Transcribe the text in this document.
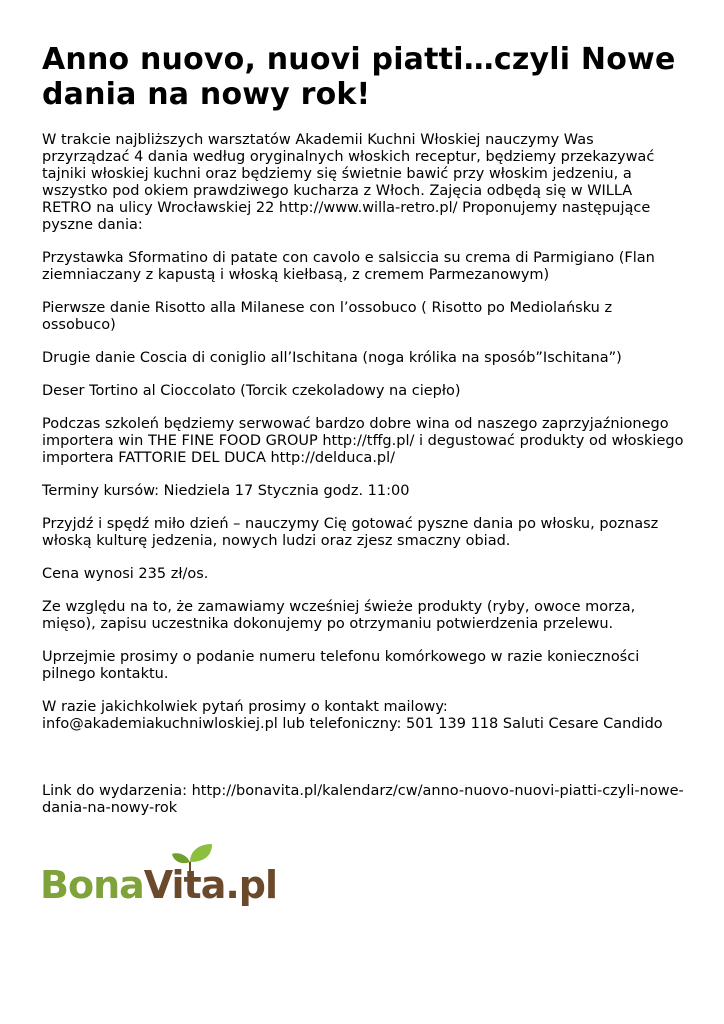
Anno nuovo, nuovi piatti…czyli Nowe dania na nowy rok!

W trakcie najbliższych warsztatów Akademii Kuchni Włoskiej nauczymy Was przyrządzać 4 dania według oryginalnych włoskich receptur, będziemy przekazywać tajniki włoskiej kuchni oraz będziemy się świetnie bawić przy włoskim jedzeniu, a wszystko pod okiem prawdziwego kucharza z Włoch. Zajęcia odbędą się w WILLA RETRO na ulicy Wrocławskiej 22 http://www.willa-retro.pl/ Proponujemy następujące pyszne dania:

Przystawka Sformatino di patate con cavolo e salsiccia su crema di Parmigiano (Flan ziemniaczany z kapustą i włoską kiełbasą, z cremem Parmezanowym)

Pierwsze danie Risotto alla Milanese con l’ossobuco ( Risotto po Mediolańsku z ossobuco)

Drugie danie Coscia di coniglio all’Ischitana (noga królika na sposób”Ischitana”)

Deser Tortino al Cioccolato (Torcik czekoladowy na ciepło)

Podczas szkoleń będziemy serwować bardzo dobre wina od naszego zaprzyjaźnionego importera win THE FINE FOOD GROUP http://tffg.pl/ i degustować produkty od włoskiego importera FATTORIE DEL DUCA http://delduca.pl/

Terminy kursów: Niedziela 17 Stycznia godz. 11:00

Przyjdź i spędź miło dzień – nauczymy Cię gotować pyszne dania po włosku, poznasz włoską kulturę jedzenia, nowych ludzi oraz zjesz smaczny obiad.

Cena wynosi 235 zł/os.

Ze względu na to, że zamawiamy wcześniej świeże produkty (ryby, owoce morza, mięso), zapisu uczestnika dokonujemy po otrzymaniu potwierdzenia przelewu.

Uprzejmie prosimy o podanie numeru telefonu komórkowego w razie konieczności pilnego kontaktu.

W razie jakichkolwiek pytań prosimy o kontakt mailowy: info@akademiakuchniwloskiej.pl lub telefoniczny: 501 139 118 Saluti Cesare Candido

Link do wydarzenia: http://bonavita.pl/kalendarz/cw/anno-nuovo-nuovi-piatti-czyli-nowe-dania-na-nowy-rok

BonaVita.pl
